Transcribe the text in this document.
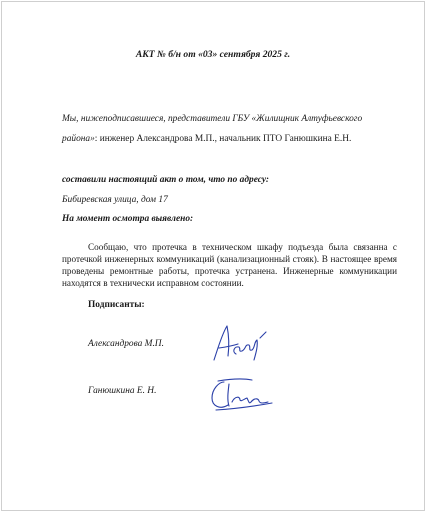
АКТ № б/н от «03» сентября 2025 г.
Мы, нижеподписавшиеся, представители ГБУ «Жилищник Алтуфьевского
района»: инженер Александрова М.П., начальник ПТО Ганюшкина Е.Н.
составили настоящий акт о том, что по адресу:
Бибиревская улица, дом 17
На момент осмотра выявлено:
Сообщаю, что протечка в техническом шкафу подъезда была связанна с протечкой инженерных коммуникаций (канализационный стояк). В настоящее время проведены ремонтные работы, протечка устранена. Инженерные коммуникации находятся в технически исправном состоянии.
Подписанты:
Александрова М.П.
Ганюшкина Е. Н.
